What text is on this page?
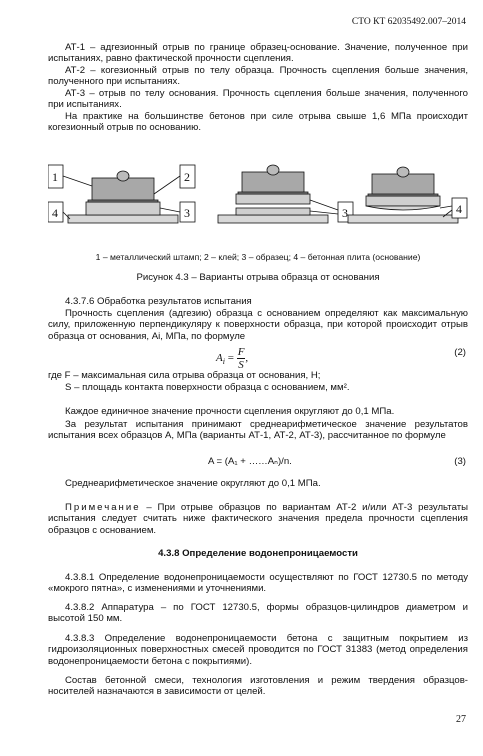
СТО КТ 62035492.007–2014
АТ-1 – адгезионный отрыв по границе образец-основание. Значение, полученное при испытаниях, равно фактической прочности сцепления.
АТ-2 – когезионный отрыв по телу образца. Прочность сцепления больше значения, полученного при испытаниях.
АТ-3 – отрыв по телу основания. Прочность сцепления больше значения, полученного при испытаниях.
На практике на большинстве бетонов при силе отрыва свыше 1,6 МПа происходит когезионный отрыв по основанию.
1	2
4	3	3	4
1 – металлический штамп; 2 – клей; 3 – образец; 4 – бетонная плита (основание)
Рисунок 4.3 – Варианты отрыва образца от основания
4.3.7.6 Обработка результатов испытания
Прочность сцепления (адгезию) образца с основанием определяют как максимальную силу, приложенную перпендикуляру к поверхности образца, при которой происходит отрыв образца от основания, Ai, МПа, по формуле
$A_i = \frac{F}{S}$ ,	(2)
где F – максимальная сила отрыва образца от основания, Н;
S – площадь контакта поверхности образца с основанием, мм².
Каждое единичное значение прочности сцепления округляют до 0,1 МПа.
За результат испытания принимают среднеарифметическое значение результатов испытания всех образцов А, МПа (варианты АТ-1, АТ-2, АТ-3), рассчитанное по формуле
A = (A₁ + ……Aₙ)/n.	(3)
Среднеарифметическое значение округляют до 0,1 МПа.
Примечание – При отрыве образцов по вариантам АТ-2 и/или АТ-3 результаты испытания следует считать ниже фактического значения предела прочности сцепления образцов с основанием.
4.3.8 Определение водонепроницаемости
4.3.8.1 Определение водонепроницаемости осуществляют по ГОСТ 12730.5 по методу «мокрого пятна», с изменениями и уточнениями.
4.3.8.2 Аппаратура – по ГОСТ 12730.5, формы образцов-цилиндров диаметром и высотой 150 мм.
4.3.8.3 Определение водонепроницаемости бетона с защитным покрытием из гидроизоляционных поверхностных смесей проводится по ГОСТ 31383 (метод определения водонепроницаемости бетона с покрытиями).
Состав бетонной смеси, технология изготовления и режим твердения образцов-носителей назначаются в зависимости от целей.
27
